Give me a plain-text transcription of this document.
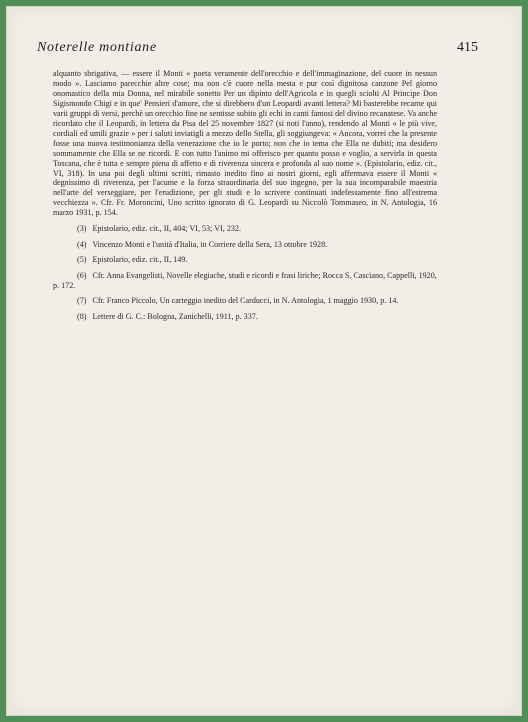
Noterelle montiane	415

alquanto sbrigativa, — essere il Monti « poeta veramente dell'orecchio e dell'immaginazione, del cuore in nessun modo ». Lasciamo parecchie altre cose; ma non c'è cuore nella mesta e pur così dignitosa canzone Pel giorno onomastico della mia Donna, nel mirabile sonetto Per un dipinto dell'Agricola e in quegli sciolti Al Principe Don Sigismondo Chigi e in que' Pensieri d'amore, che si direbbero d'un Leopardi avanti lettera? Mi basterebbe recarne qui varii gruppi di versi, perchè un orecchio fine ne sentisse subito gli echi in canti famosi del divino recanatese. Va anche ricordato che il Leopardi, in lettera da Pisa del 25 novembre 1827 (si noti l'anno), rendendo al Monti « le più vive, cordiali ed umili grazie » per i saluti inviatigli a mezzo dello Stella, gli soggiungeva: « Ancora, vorrei che la presente fosse una nuova testimonianza della venerazione che io le porto; non che io tema che Ella ne dubiti; ma desidero sommamente che Ella se ne ricordi. E con tutto l'animo mi offerisco per quanto posso e voglio, a servirla in questa Toscana, che è tutta e sempre piena di affetto e di riverenza sincera e profonda al suo nome ». (Epistolario, ediz. cit., VI, 318). In una poi degli ultimi scritti, rimasto inedito fino ai nostri giorni, egli affermava essere il Monti « degnissimo di riverenza, per l'acume e la forza straordinaria del suo ingegno, per la sua incomparabile maestria nell'arte del verseggiare, per l'erudizione, per gli studi e lo scrivere continuati indefessamente fino all'estrema vecchiezza ». Cfr. Fr. Moroncini, Uno scritto ignorato di G. Leopardi su Niccolò Tommaseo, in N. Antologia, 16 marzo 1931, p. 154.

(3) Epistolario, ediz. cit., II, 404; VI, 53; VI, 232.

(4) Vincenzo Monti e l'unità d'Italia, in Corriere della Sera, 13 ottobre 1928.

(5) Epistolario, ediz. cit., II, 149.

(6) Cfr. Anna Evangelisti, Novelle elegiache, studi e ricordi e frasi liriche; Rocca S. Casciano, Cappelli, 1920, p. 172.

(7) Cfr. Franco Piccolo, Un carteggio inedito del Carducci, in N. Antologia, 1 maggio 1930, p. 14.

(8) Lettere di G. C.: Bologna, Zanichelli, 1911, p. 337.
